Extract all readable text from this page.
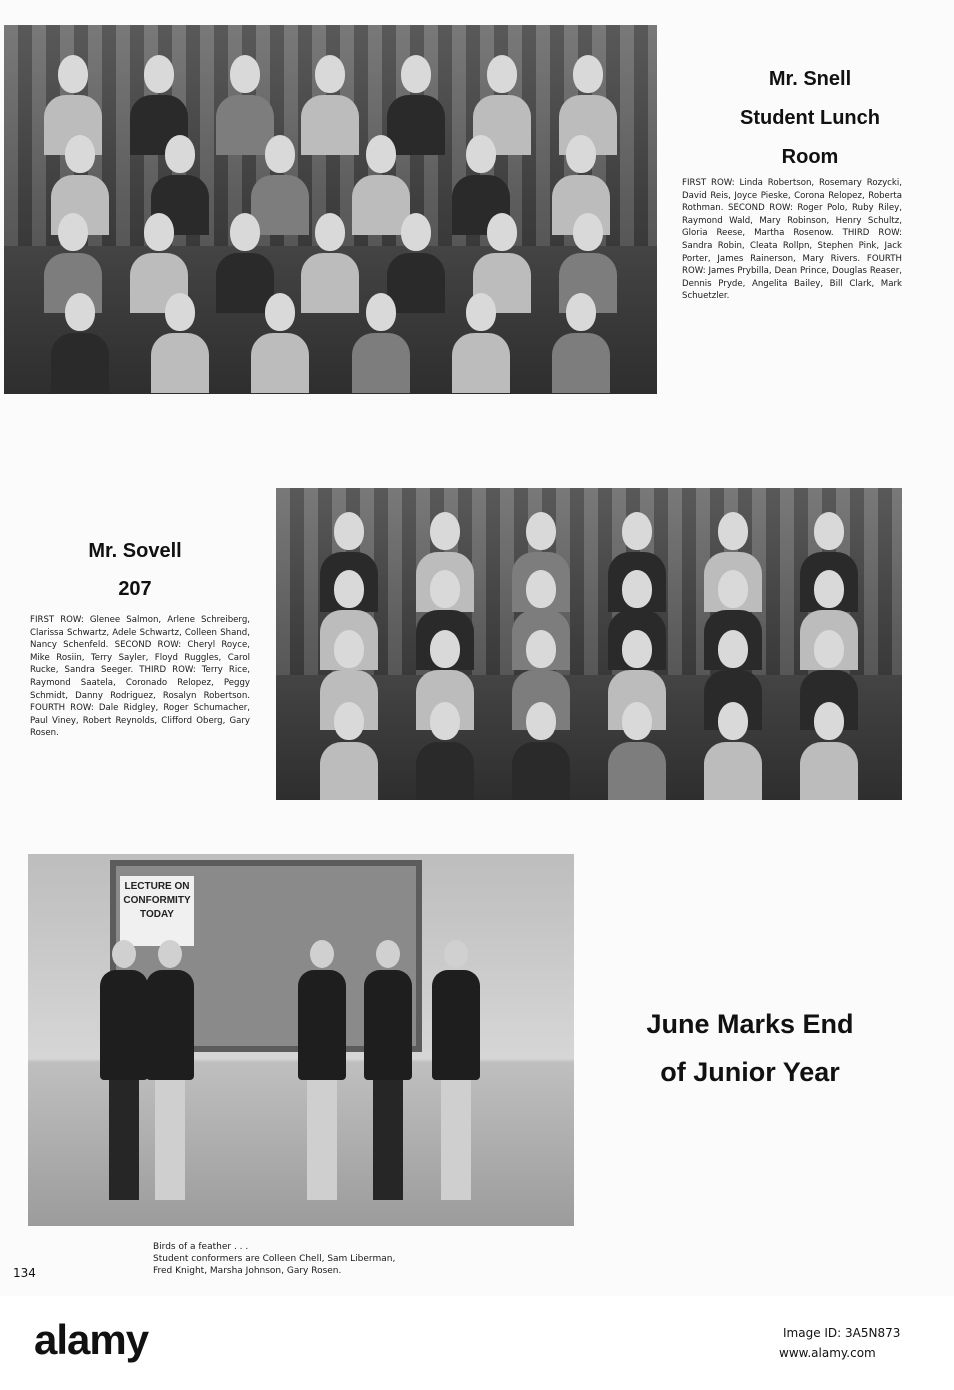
Mr. Snell
Student Lunch
Room
FIRST ROW: Linda Robertson, Rosemary Rozycki, David Reis, Joyce Pieske, Corona Relopez, Roberta Rothman. SECOND ROW: Roger Polo, Ruby Riley, Raymond Wald, Mary Robinson, Henry Schultz, Gloria Reese, Martha Rosenow. THIRD ROW: Sandra Robin, Cleata Rollpn, Stephen Pink, Jack Porter, James Rainerson, Mary Rivers. FOURTH ROW: James Prybilla, Dean Prince, Douglas Reaser, Dennis Pryde, Angelita Bailey, Bill Clark, Mark Schuetzler.
Mr. Sovell
207
FIRST ROW: Glenee Salmon, Arlene Schreiberg, Clarissa Schwartz, Adele Schwartz, Colleen Shand, Nancy Schenfeld. SECOND ROW: Cheryl Royce, Mike Rosiin, Terry Sayler, Floyd Ruggles, Carol Rucke, Sandra Seeger. THIRD ROW: Terry Rice, Raymond Saatela, Coronado Relopez, Peggy Schmidt, Danny Rodriguez, Rosalyn Robertson. FOURTH ROW: Dale Ridgley, Roger Schumacher, Paul Viney, Robert Reynolds, Clifford Oberg, Gary Rosen.
LECTURE ON
CONFORMITY
TODAY
June Marks End
of Junior Year
Birds of a feather . . .
Student conformers are Colleen Chell, Sam Liberman,
Fred Knight, Marsha Johnson, Gary Rosen.
134
alamy	Image ID: 3A5N873
www.alamy.com
